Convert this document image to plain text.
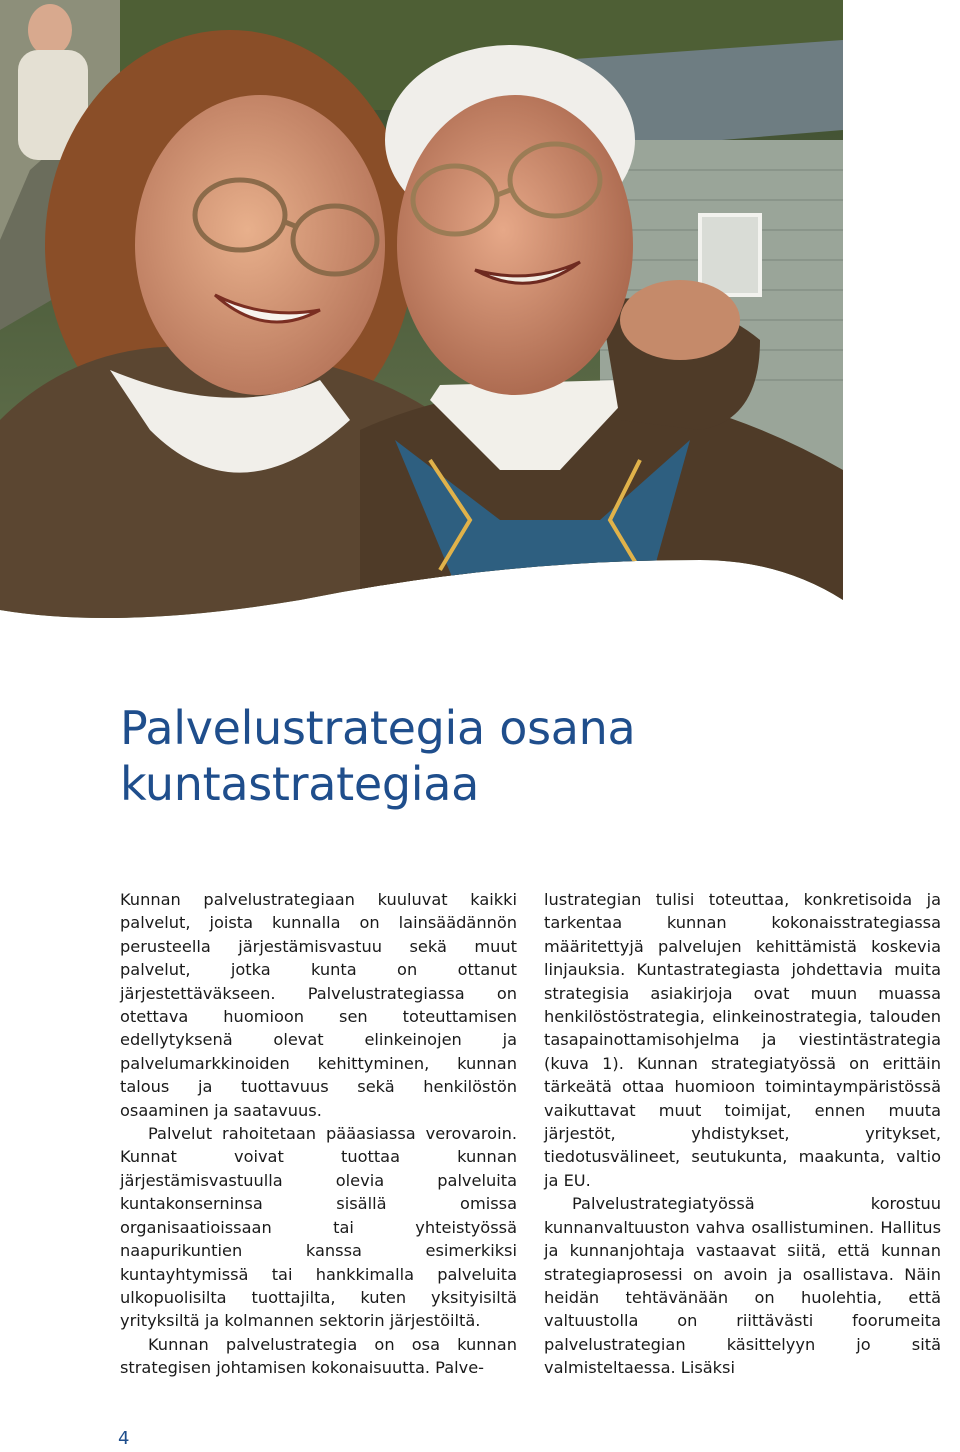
Palvelustrategia osana
kuntastrategiaa

Kunnan palvelustrategiaan kuuluvat kaikki palvelut, joista kunnalla on lainsäädännön perusteella järjestämisvastuu sekä muut palvelut, jotka kunta on ottanut järjestettäväkseen. Palvelustrategiassa on otettava huomioon sen toteuttamisen edellytyksenä olevat elinkeinojen ja palvelumarkkinoiden kehittyminen, kunnan talous ja tuottavuus sekä henkilöstön osaaminen ja saatavuus.

Palvelut rahoitetaan pääasiassa verovaroin. Kunnat voivat tuottaa kunnan järjestämisvastuulla olevia palveluita kuntakonserninsa sisällä omissa organisaatioissaan tai yhteistyössä naapurikuntien kanssa esimerkiksi kuntayhtymissä tai hankkimalla palveluita ulkopuolisilta tuottajilta, kuten yksityisiltä yrityksiltä ja kolmannen sektorin järjestöiltä.

Kunnan palvelustrategia on osa kunnan strategisen johtamisen kokonaisuutta. Palve-

lustrategian tulisi toteuttaa, konkretisoida ja tarkentaa kunnan kokonaisstrategiassa määritettyjä palvelujen kehittämistä koskevia linjauksia. Kuntastrategiasta johdettavia muita strategisia asiakirjoja ovat muun muassa henkilöstöstrategia, elinkeinostrategia, talouden tasapainottamisohjelma ja viestintästrategia (kuva 1). Kunnan strategiatyössä on erittäin tärkeätä ottaa huomioon toimintaympäristössä vaikuttavat muut toimijat, ennen muuta järjestöt, yhdistykset, yritykset, tiedotusvälineet, seutukunta, maakunta, valtio ja EU.

Palvelustrategiatyössä korostuu kunnanvaltuuston vahva osallistuminen. Hallitus ja kunnanjohtaja vastaavat siitä, että kunnan strategiaprosessi on avoin ja osallistava. Näin heidän tehtävänään on huolehtia, että valtuustolla on riittävästi foorumeita palvelustrategian käsittelyyn jo sitä valmisteltaessa. Lisäksi

4
